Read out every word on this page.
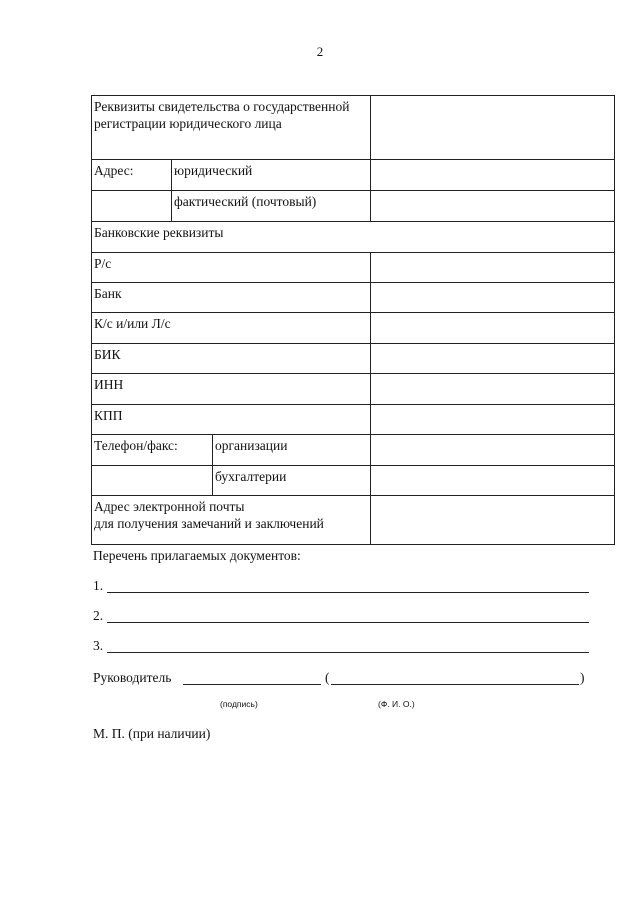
2
Реквизиты свидетельства о государственной регистрации юридического лица			
Адрес:	юридический		
	фактический (почтовый)		
Банковские реквизиты			
Р/с			
Банк			
К/с и/или Л/с			
БИК			
ИНН			
КПП			
Телефон/факс:		организации	
		бухгалтерии	

Адрес электронной почты
для получения замечаний и заключений			

Перечень прилагаемых документов:
1.
2.
3.
Руководитель	(	)
(подпись)	(Ф. И. О.)
М. П. (при наличии)
